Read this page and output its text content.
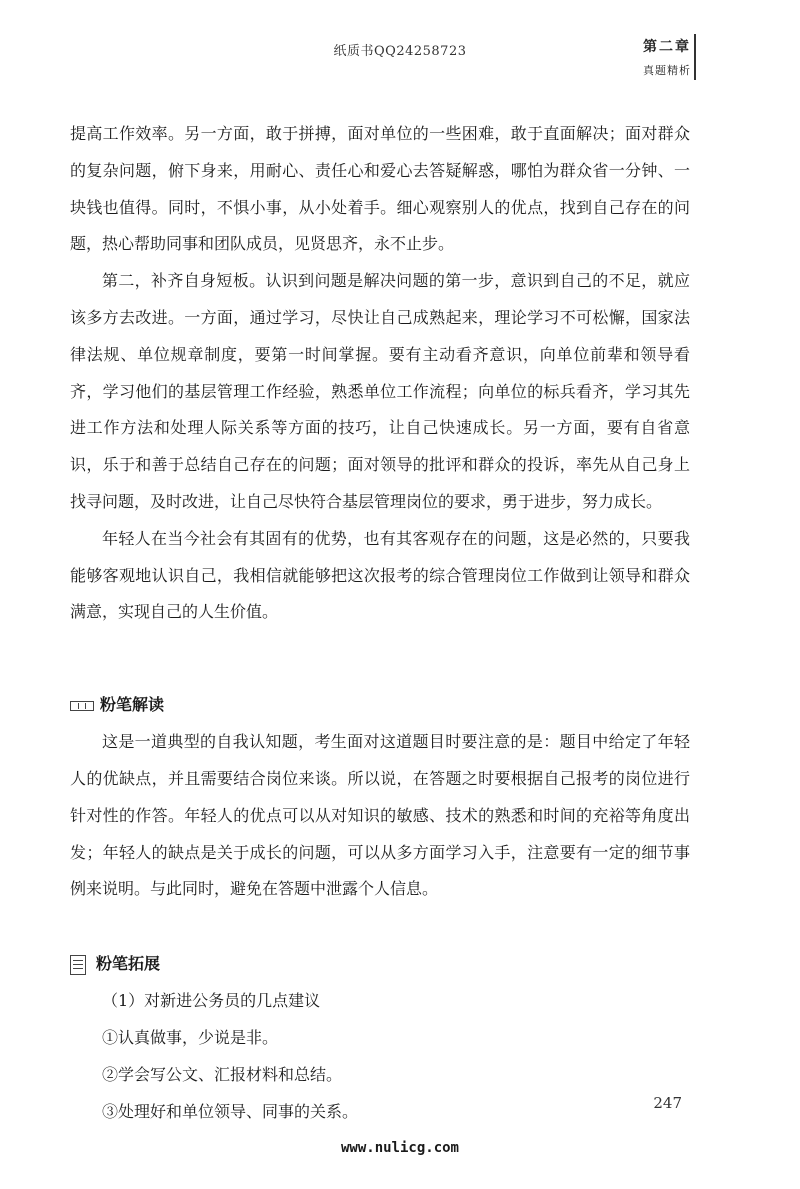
纸质书QQ24258723	第二章
真题精析

提高工作效率。另一方面，敢于拼搏，面对单位的一些困难，敢于直面解决；面对群众的复杂问题，俯下身来，用耐心、责任心和爱心去答疑解惑，哪怕为群众省一分钟、一块钱也值得。同时，不惧小事，从小处着手。细心观察别人的优点，找到自己存在的问题，热心帮助同事和团队成员，见贤思齐，永不止步。

第二，补齐自身短板。认识到问题是解决问题的第一步，意识到自己的不足，就应该多方去改进。一方面，通过学习，尽快让自己成熟起来，理论学习不可松懈，国家法律法规、单位规章制度，要第一时间掌握。要有主动看齐意识，向单位前辈和领导看齐，学习他们的基层管理工作经验，熟悉单位工作流程；向单位的标兵看齐，学习其先进工作方法和处理人际关系等方面的技巧，让自己快速成长。另一方面，要有自省意识，乐于和善于总结自己存在的问题；面对领导的批评和群众的投诉，率先从自己身上找寻问题，及时改进，让自己尽快符合基层管理岗位的要求，勇于进步，努力成长。

年轻人在当今社会有其固有的优势，也有其客观存在的问题，这是必然的，只要我能够客观地认识自己，我相信就能够把这次报考的综合管理岗位工作做到让领导和群众满意，实现自己的人生价值。

粉笔解读

这是一道典型的自我认知题，考生面对这道题目时要注意的是：题目中给定了年轻人的优缺点，并且需要结合岗位来谈。所以说，在答题之时要根据自己报考的岗位进行针对性的作答。年轻人的优点可以从对知识的敏感、技术的熟悉和时间的充裕等角度出发；年轻人的缺点是关于成长的问题，可以从多方面学习入手，注意要有一定的细节事例来说明。与此同时，避免在答题中泄露个人信息。

粉笔拓展

（1）对新进公务员的几点建议

①认真做事，少说是非。

②学会写公文、汇报材料和总结。

③处理好和单位领导、同事的关系。	247
www.nulicg.com
